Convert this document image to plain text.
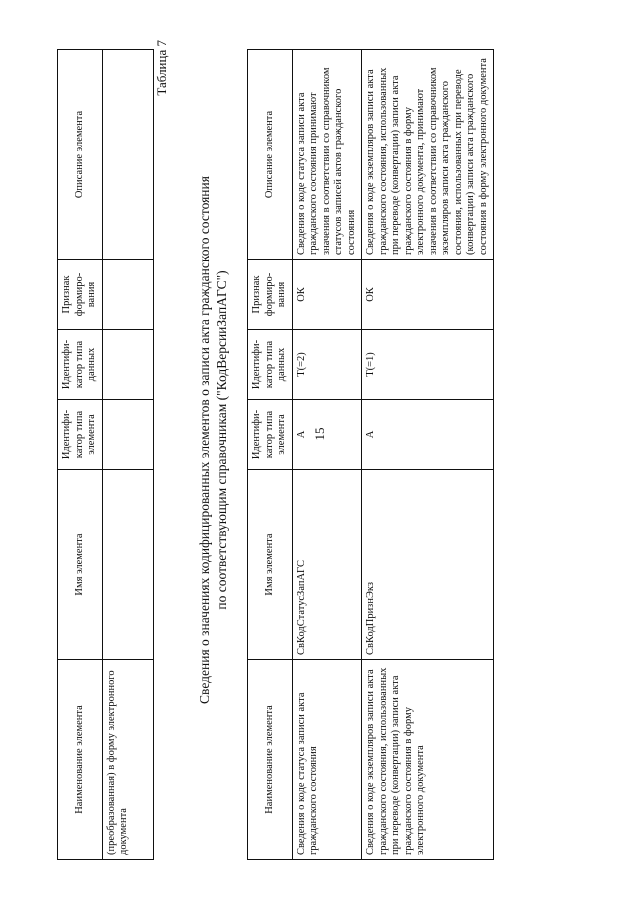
15
Наименование элемента	Имя элемента	Идентифи-катор типа элемента	Идентифи-катор типа данных	Признак формиро-вания	Описание элемента
(преобразованная) в форму электронного документа					
Таблица 7
Сведения о значениях кодифицированных элементов о записи акта гражданского состояния по соответствующим справочникам ("КодВерсииЗапАГС")
Наименование элемента	Имя элемента	Идентифи-катор типа элемента	Идентифи-катор типа данных	Признак формиро-вания	Описание элемента
Сведения о коде статуса записи акта гражданского состояния	СвКодСтатусЗапАГС	А	Т(=2)	ОК	Сведения о коде статуса записи акта гражданского состояния принимают значения в соответствии со справочником статусов записей актов гражданского состояния
Сведения о коде экземпляров записи акта гражданского состояния, использованных при переводе (конвертации) записи акта гражданского состояния в форму электронного документа	СвКодПризнЭкз	А	Т(=1)	ОК	Сведения о коде экземпляров записи акта гражданского состояния, использованных при переводе (конвертации) записи акта гражданского состояния в форму электронного документа, принимают значения в соответствии со справочником экземпляров записи акта гражданского состояния, использованных при переводе (конвертации) записи акта гражданского состояния в форму электронного документа
